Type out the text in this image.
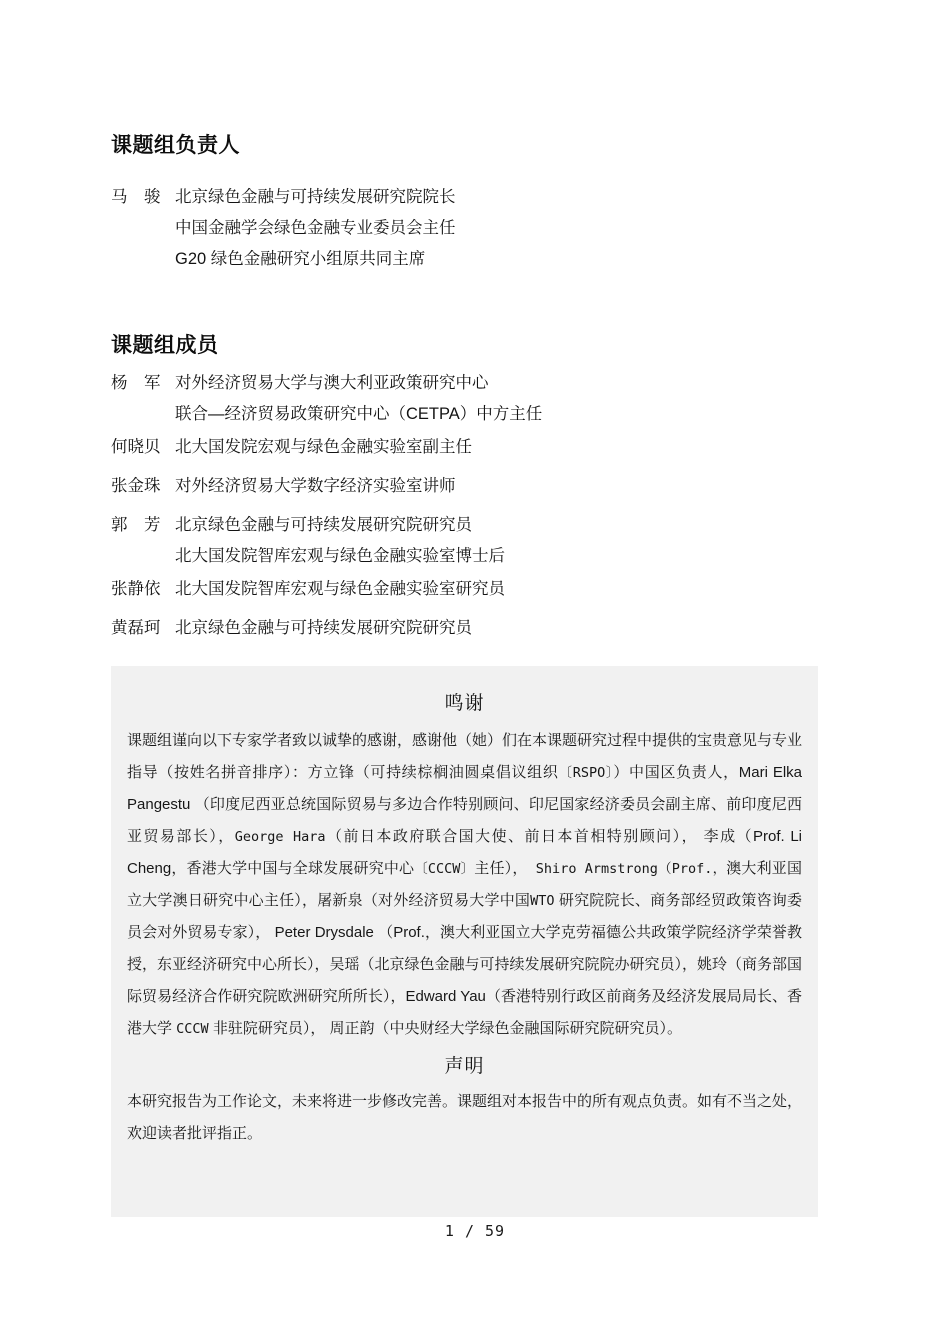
课题组负责人
马　骏 北京绿色金融与可持续发展研究院院长
中国金融学会绿色金融专业委员会主任
G20 绿色金融研究小组原共同主席
课题组成员
杨　军 对外经济贸易大学与澳大利亚政策研究中心
联合—经济贸易政策研究中心（CETPA）中方主任
何晓贝 北大国发院宏观与绿色金融实验室副主任
张金珠 对外经济贸易大学数字经济实验室讲师
郭　芳 北京绿色金融与可持续发展研究院研究员
北大国发院智库宏观与绿色金融实验室博士后
张静依 北大国发院智库宏观与绿色金融实验室研究员
黄磊珂 北京绿色金融与可持续发展研究院研究员
鸣谢

课题组谨向以下专家学者致以诚挚的感谢，感谢他（她）们在本课题研究过程中提供的宝贵意见与专业指导（按姓名拼音排序）：方立锋（可持续棕榈油圆桌倡议组织〔RSPO〕）中国区负责人，Mari Elka Pangestu （印度尼西亚总统国际贸易与多边合作特别顾问、印尼国家经济委员会副主席、前印度尼西亚贸易部长），George Hara（前日本政府联合国大使、前日本首相特别顾问）， 李成（Prof. Li Cheng，香港大学中国与全球发展研究中心〔CCCW〕主任）， Shiro Armstrong（Prof.，澳大利亚国立大学澳日研究中心主任），屠新泉（对外经济贸易大学中国WTO 研究院院长、商务部经贸政策咨询委员会对外贸易专家）， Peter Drysdale （Prof.，澳大利亚国立大学克劳福德公共政策学院经济学荣誉教授，东亚经济研究中心所长），吴瑶（北京绿色金融与可持续发展研究院院办研究员），姚玲（商务部国际贸易经济合作研究院欧洲研究所所长），Edward Yau（香港特别行政区前商务及经济发展局局长、香港大学 CCCW 非驻院研究员）， 周正韵（中央财经大学绿色金融国际研究院研究员）。

声明

本研究报告为工作论文，未来将进一步修改完善。课题组对本报告中的所有观点负责。如有不当之处，欢迎读者批评指正。

1 / 59
